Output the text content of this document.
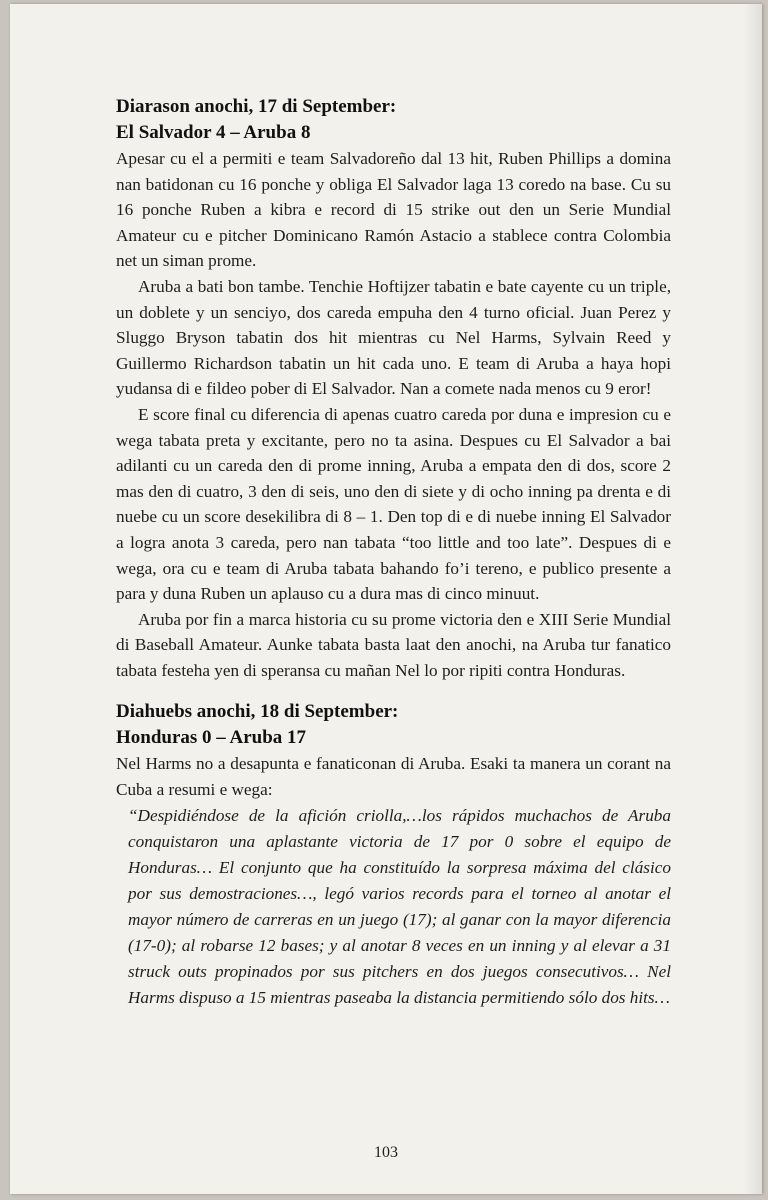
Diarason anochi, 17 di September:
El Salvador 4 – Aruba 8

Apesar cu el a permiti e team Salvadoreño dal 13 hit, Ruben Phillips a domina nan batidonan cu 16 ponche y obliga El Salvador laga 13 coredo na base. Cu su 16 ponche Ruben a kibra e record di 15 strike out den un Serie Mundial Amateur cu e pitcher Dominicano Ramón Astacio a stablece contra Colombia net un siman prome.

Aruba a bati bon tambe. Tenchie Hoftijzer tabatin e bate cayente cu un triple, un doblete y un senciyo, dos careda empuha den 4 turno oficial. Juan Perez y Sluggo Bryson tabatin dos hit mientras cu Nel Harms, Sylvain Reed y Guillermo Richardson tabatin un hit cada uno. E team di Aruba a haya hopi yudansa di e fildeo pober di El Salvador. Nan a comete nada menos cu 9 eror!

E score final cu diferencia di apenas cuatro careda por duna e impresion cu e wega tabata preta y excitante, pero no ta asina. Despues cu El Salvador a bai adilanti cu un careda den di prome inning, Aruba a empata den di dos, score 2 mas den di cuatro, 3 den di seis, uno den di siete y di ocho inning pa drenta e di nuebe cu un score desekilibra di 8 – 1. Den top di e di nuebe inning El Salvador a logra anota 3 careda, pero nan tabata “too little and too late”. Despues di e wega, ora cu e team di Aruba tabata bahando fo’i tereno, e publico presente a para y duna Ruben un aplauso cu a dura mas di cinco minuut.

Aruba por fin a marca historia cu su prome victoria den e XIII Serie Mundial di Baseball Amateur. Aunke tabata basta laat den anochi, na Aruba tur fanatico tabata festeha yen di speransa cu mañan Nel lo por ripiti contra Honduras.

Diahuebs anochi, 18 di September:
Honduras 0 – Aruba 17

Nel Harms no a desapunta e fanaticonan di Aruba. Esaki ta manera un corant na Cuba a resumi e wega:

“Despidiéndose de la afición criolla,…los rápidos muchachos de Aruba conquistaron una aplastante victoria de 17 por 0 sobre el equipo de Honduras… El conjunto que ha constituído la sorpresa máxima del clásico por sus demostraciones…, legó varios records para el torneo al anotar el mayor número de carreras en un juego (17); al ganar con la mayor diferencia (17-0); al robarse 12 bases; y al anotar 8 veces en un inning y al elevar a 31 struck outs propinados por sus pitchers en dos juegos consecutivos… Nel Harms dispuso a 15 mientras paseaba la distancia permitiendo sólo dos hits…

103
